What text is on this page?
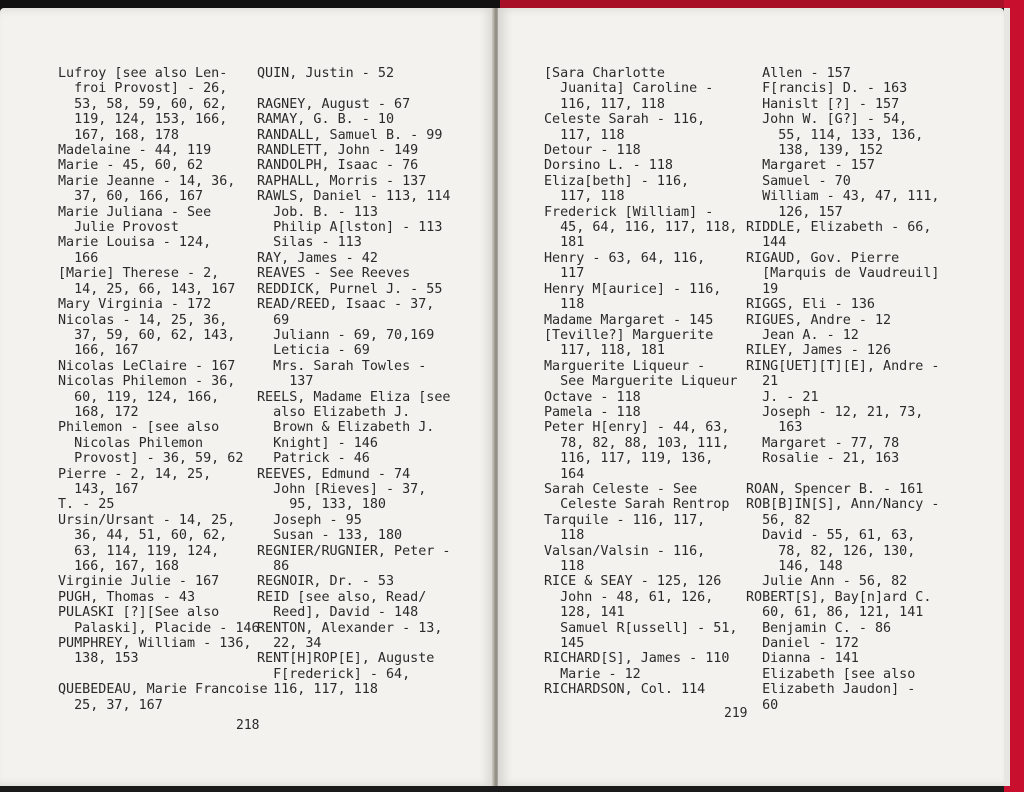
Lufroy [see also Len-
froi Provost] - 26,
53, 58, 59, 60, 62,
119, 124, 153, 166,
167, 168, 178
Madelaine - 44, 119
Marie - 45, 60, 62
Marie Jeanne - 14, 36,
37, 60, 166, 167
Marie Juliana - See
Julie Provost
Marie Louisa - 124,
166
[Marie] Therese - 2,
14, 25, 66, 143, 167
Mary Virginia - 172
Nicolas - 14, 25, 36,
37, 59, 60, 62, 143,
166, 167
Nicolas LeClaire - 167
Nicolas Philemon - 36,
60, 119, 124, 166,
168, 172
Philemon - [see also
Nicolas Philemon
Provost] - 36, 59, 62
Pierre - 2, 14, 25,
143, 167
T. - 25
Ursin/Ursant - 14, 25,
36, 44, 51, 60, 62,
63, 114, 119, 124,
166, 167, 168
Virginie Julie - 167
PUGH, Thomas - 43
PULASKI [?][See also
Palaski], Placide - 146
PUMPHREY, William - 136,
138, 153

QUEBEDEAU, Marie Francoise
25, 37, 167
QUIN, Justin - 52

RAGNEY, August - 67
RAMAY, G. B. - 10
RANDALL, Samuel B. - 99
RANDLETT, John - 149
RANDOLPH, Isaac - 76
RAPHALL, Morris - 137
RAWLS, Daniel - 113, 114
Job. B. - 113
Philip A[lston] - 113
Silas - 113
RAY, James - 42
REAVES - See Reeves
REDDICK, Purnel J. - 55
READ/REED, Isaac - 37,
69
Juliann - 69, 70,169
Leticia - 69
Mrs. Sarah Towles -
137
REELS, Madame Eliza [see
also Elizabeth J.
Brown & Elizabeth J.
Knight] - 146
Patrick - 46
REEVES, Edmund - 74
John [Rieves] - 37,
95, 133, 180
Joseph - 95
Susan - 133, 180
REGNIER/RUGNIER, Peter -
86
REGNOIR, Dr. - 53
REID [see also, Read/
Reed], David - 148
RENTON, Alexander - 13,
22, 34
RENT[H]ROP[E], Auguste
F[rederick] - 64,
116, 117, 118
218
[Sara Charlotte
Juanita] Caroline -
116, 117, 118
Celeste Sarah - 116,
117, 118
Detour - 118
Dorsino L. - 118
Eliza[beth] - 116,
117, 118
Frederick [William] -
45, 64, 116, 117, 118,
181
Henry - 63, 64, 116,
117
Henry M[aurice] - 116,
118
Madame Margaret - 145
[Teville?] Marguerite
117, 118, 181
Marguerite Liqueur -
See Marguerite Liqueur
Octave - 118
Pamela - 118
Peter H[enry] - 44, 63,
78, 82, 88, 103, 111,
116, 117, 119, 136,
164
Sarah Celeste - See
Celeste Sarah Rentrop
Tarquile - 116, 117,
118
Valsan/Valsin - 116,
118
RICE & SEAY - 125, 126
John - 48, 61, 126,
128, 141
Samuel R[ussell] - 51,
145
RICHARD[S], James - 110
Marie - 12
RICHARDSON, Col. 114
Allen - 157
F[rancis] D. - 163
Hanislt [?] - 157
John W. [G?] - 54,
55, 114, 133, 136,
138, 139, 152
Margaret - 157
Samuel - 70
William - 43, 47, 111,
126, 157
RIDDLE, Elizabeth - 66,
144
RIGAUD, Gov. Pierre
[Marquis de Vaudreuil]
19
RIGGS, Eli - 136
RIGUES, Andre - 12
Jean A. - 12
RILEY, James - 126
RING[UET][T][E], Andre -
21
J. - 21
Joseph - 12, 21, 73,
163
Margaret - 77, 78
Rosalie - 21, 163

ROAN, Spencer B. - 161
ROB[B]IN[S], Ann/Nancy -
56, 82
David - 55, 61, 63,
78, 82, 126, 130,
146, 148
Julie Ann - 56, 82
ROBERT[S], Bay[n]ard C.
60, 61, 86, 121, 141
Benjamin C. - 86
Daniel - 172
Dianna - 141
Elizabeth [see also
Elizabeth Jaudon] -
60
219
